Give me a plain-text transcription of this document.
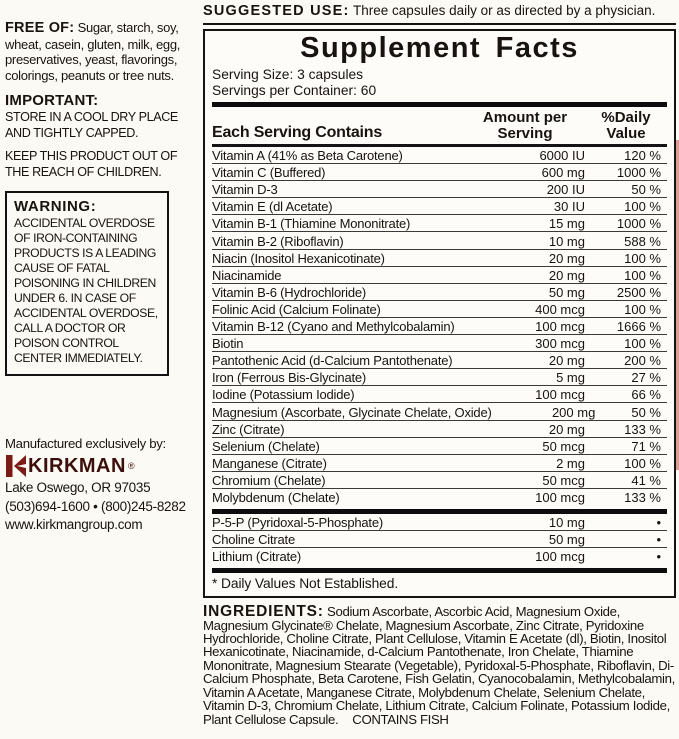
FREE OF: Sugar, starch, soy, wheat, casein, gluten, milk, egg, preservatives, yeast, flavorings, colorings, peanuts or tree nuts.

IMPORTANT:

STORE IN A COOL DRY PLACE AND TIGHTLY CAPPED.

KEEP THIS PRODUCT OUT OF THE REACH OF CHILDREN.

WARNING:

ACCIDENTAL OVERDOSE OF IRON-CONTAINING PRODUCTS IS A LEADING CAUSE OF FATAL POISONING IN CHILDREN UNDER 6. IN CASE OF ACCIDENTAL OVERDOSE, CALL A DOCTOR OR POISON CONTROL CENTER IMMEDIATELY.

Manufactured exclusively by:

KIRKMAN ®

Lake Oswego, OR 97035

(503)694-1600 • (800)245-8282

www.kirkmangroup.com

SUGGESTED USE: Three capsules daily or as directed by a physician.
Supplement Facts

Serving Size: 3 capsules

Servings per Container: 60

Each Serving Contains
Amount per
Serving
%Daily
Value
Vitamin A (41% as Beta Carotene)	6000 IU	120 %
Vitamin C (Buffered)	600 mg	1000 %
Vitamin D-3	200 IU	50 %
Vitamin E (dl Acetate)	30 IU	100 %
Vitamin B-1 (Thiamine Mononitrate)	15 mg	1000 %
Vitamin B-2 (Riboflavin)	10 mg	588 %
Niacin (Inositol Hexanicotinate)	20 mg	100 %
Niacinamide	20 mg	100 %
Vitamin B-6 (Hydrochloride)	50 mg	2500 %
Folinic Acid (Calcium Folinate)	400 mcg	100 %
Vitamin B-12 (Cyano and Methylcobalamin)	100 mcg	1666 %
Biotin	300 mcg	100 %
Pantothenic Acid (d-Calcium Pantothenate)	20 mg	200 %
Iron (Ferrous Bis-Glycinate)	5 mg	27 %
Iodine (Potassium Iodide)	100 mcg	66 %
Magnesium (Ascorbate, Glycinate Chelate, Oxide)	200 mg	50 %
Zinc (Citrate)	20 mg	133 %
Selenium (Chelate)	50 mcg	71 %
Manganese (Citrate)	2 mg	100 %
Chromium (Chelate)	50 mcg	41 %
Molybdenum (Chelate)	100 mcg	133 %
P-5-P (Pyridoxal-5-Phosphate)	10 mg	•
Choline Citrate	50 mg	•
Lithium (Citrate)	100 mcg	•
* Daily Values Not Established.

INGREDIENTS: Sodium Ascorbate, Ascorbic Acid, Magnesium Oxide, Magnesium Glycinate® Chelate, Magnesium Ascorbate, Zinc Citrate, Pyridoxine Hydrochloride, Choline Citrate, Plant Cellulose, Vitamin E Acetate (dl), Biotin, Inositol Hexanicotinate, Niacinamide, d-Calcium Pantothenate, Iron Chelate, Thiamine Mononitrate, Magnesium Stearate (Vegetable), Pyridoxal-5-Phosphate, Riboflavin, Di-Calcium Phosphate, Beta Carotene, Fish Gelatin, Cyanocobalamin, Methylcobalamin, Vitamin A Acetate, Manganese Citrate, Molybdenum Chelate, Selenium Chelate, Vitamin D-3, Chromium Chelate, Lithium Citrate, Calcium Folinate, Potassium Iodide, Plant Cellulose Capsule. CONTAINS FISH
